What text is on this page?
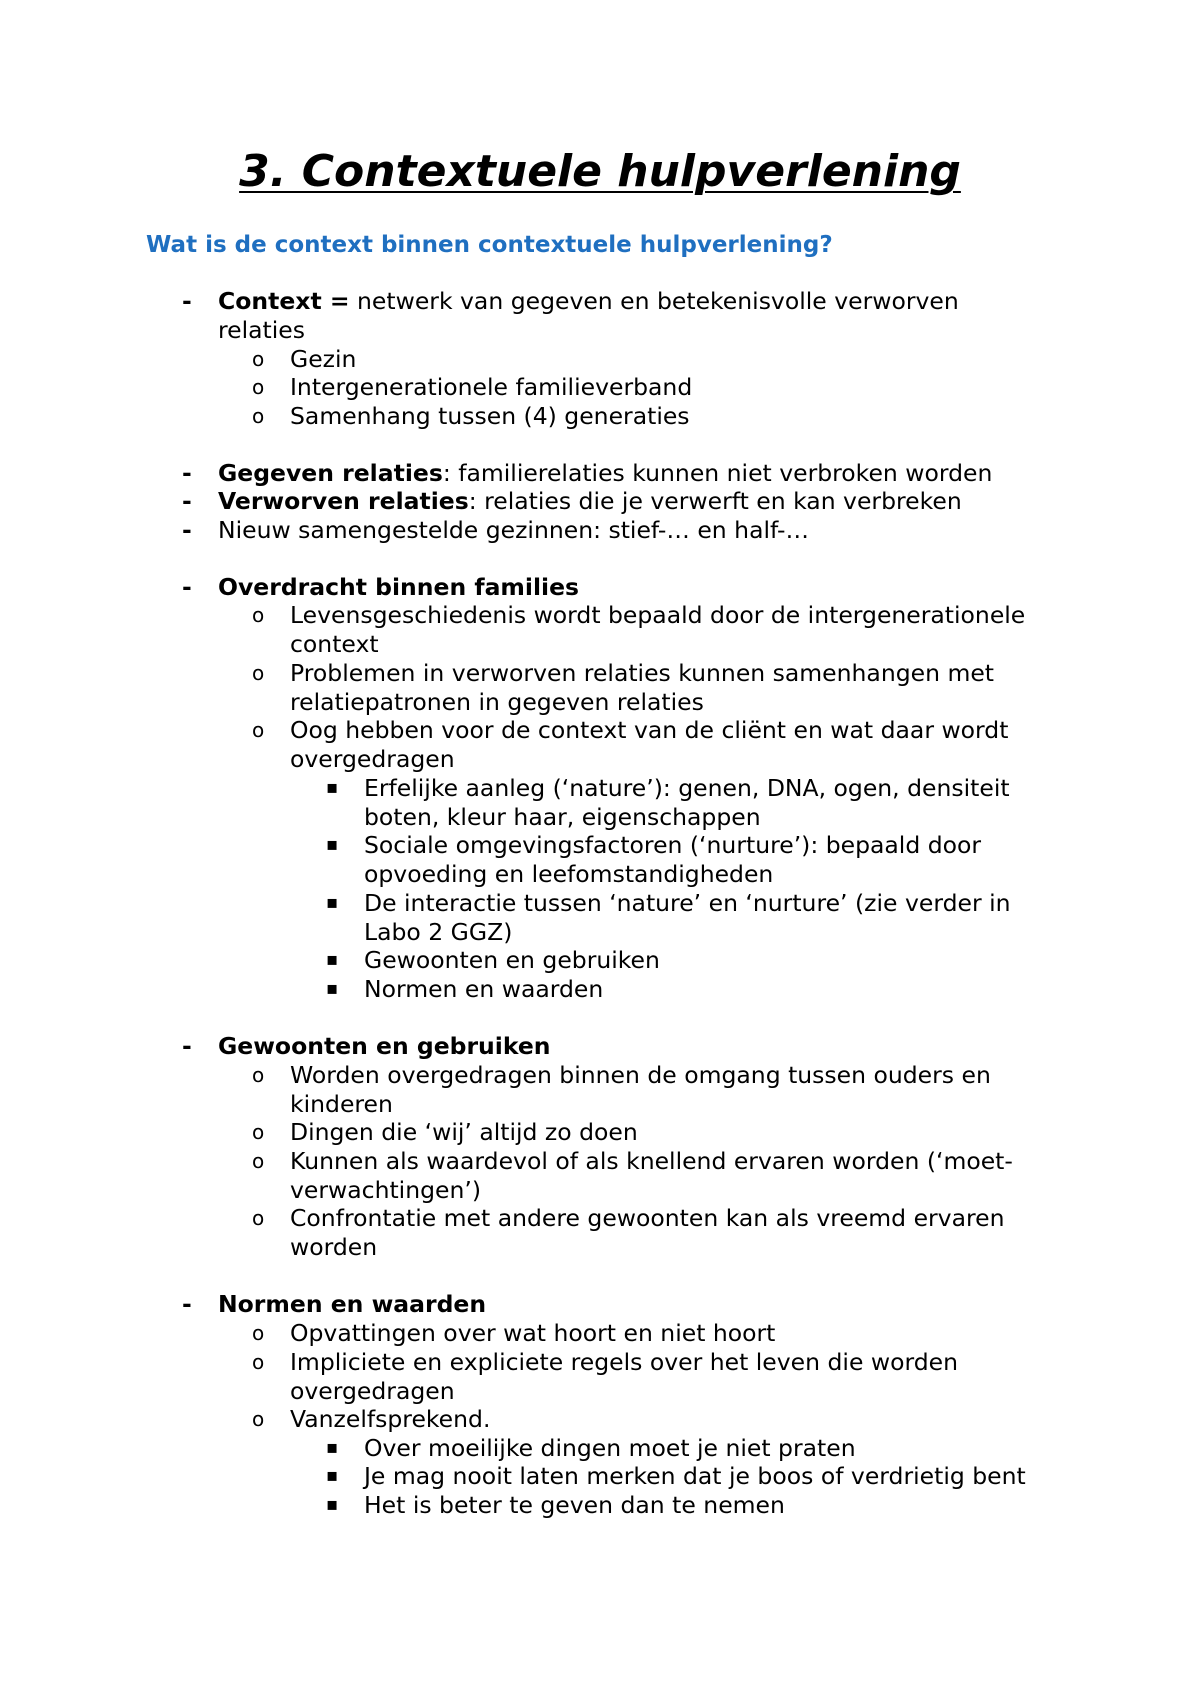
3. Contextuele hulpverlening
Wat is de context binnen contextuele hulpverlening?
-	Context = netwerk van gegeven en betekenisvolle verworven
relaties
o	Gezin
o	Intergenerationele familieverband
o	Samenhang tussen (4) generaties
-	Gegeven relaties: familierelaties kunnen niet verbroken worden
-	Verworven relaties: relaties die je verwerft en kan verbreken
-	Nieuw samengestelde gezinnen: stief-… en half-…
-	Overdracht binnen families
o	Levensgeschiedenis wordt bepaald door de intergenerationele
context
o	Problemen in verworven relaties kunnen samenhangen met
relatiepatronen in gegeven relaties
o	Oog hebben voor de context van de cliënt en wat daar wordt
overgedragen
▪	Erfelijke aanleg (‘nature’): genen, DNA, ogen, densiteit
boten, kleur haar, eigenschappen
▪	Sociale omgevingsfactoren (‘nurture’): bepaald door
opvoeding en leefomstandigheden
▪	De interactie tussen ‘nature’ en ‘nurture’ (zie verder in
Labo 2 GGZ)
▪	Gewoonten en gebruiken
▪	Normen en waarden
-	Gewoonten en gebruiken
o	Worden overgedragen binnen de omgang tussen ouders en
kinderen
o	Dingen die ‘wij’ altijd zo doen
o	Kunnen als waardevol of als knellend ervaren worden (‘moet-
verwachtingen’)
o	Confrontatie met andere gewoonten kan als vreemd ervaren
worden
-	Normen en waarden
o	Opvattingen over wat hoort en niet hoort
o	Impliciete en expliciete regels over het leven die worden
overgedragen
o	Vanzelfsprekend.
▪	Over moeilijke dingen moet je niet praten
▪	Je mag nooit laten merken dat je boos of verdrietig bent
▪	Het is beter te geven dan te nemen
